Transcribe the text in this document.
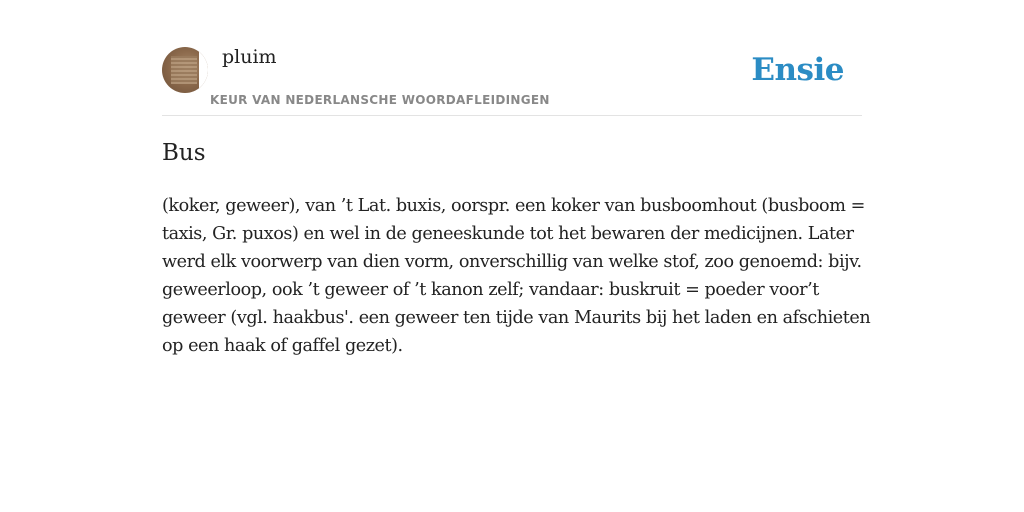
pluim
KEUR VAN NEDERLANSCHE WOORDAFLEIDINGEN
Ensie
Bus

(koker, geweer), van ’t Lat. buxis, oorspr. een koker van busboomhout (busboom = taxis, Gr. puxos) en wel in de geneeskunde tot het bewaren der medicijnen. Later werd elk voorwerp van dien vorm, onverschillig van welke stof, zoo genoemd: bijv. geweerloop, ook ’t geweer of ’t kanon zelf; vandaar: buskruit = poeder voor’t geweer (vgl. haakbus'. een geweer ten tijde van Maurits bij het laden en afschieten op een haak of gaffel gezet).
